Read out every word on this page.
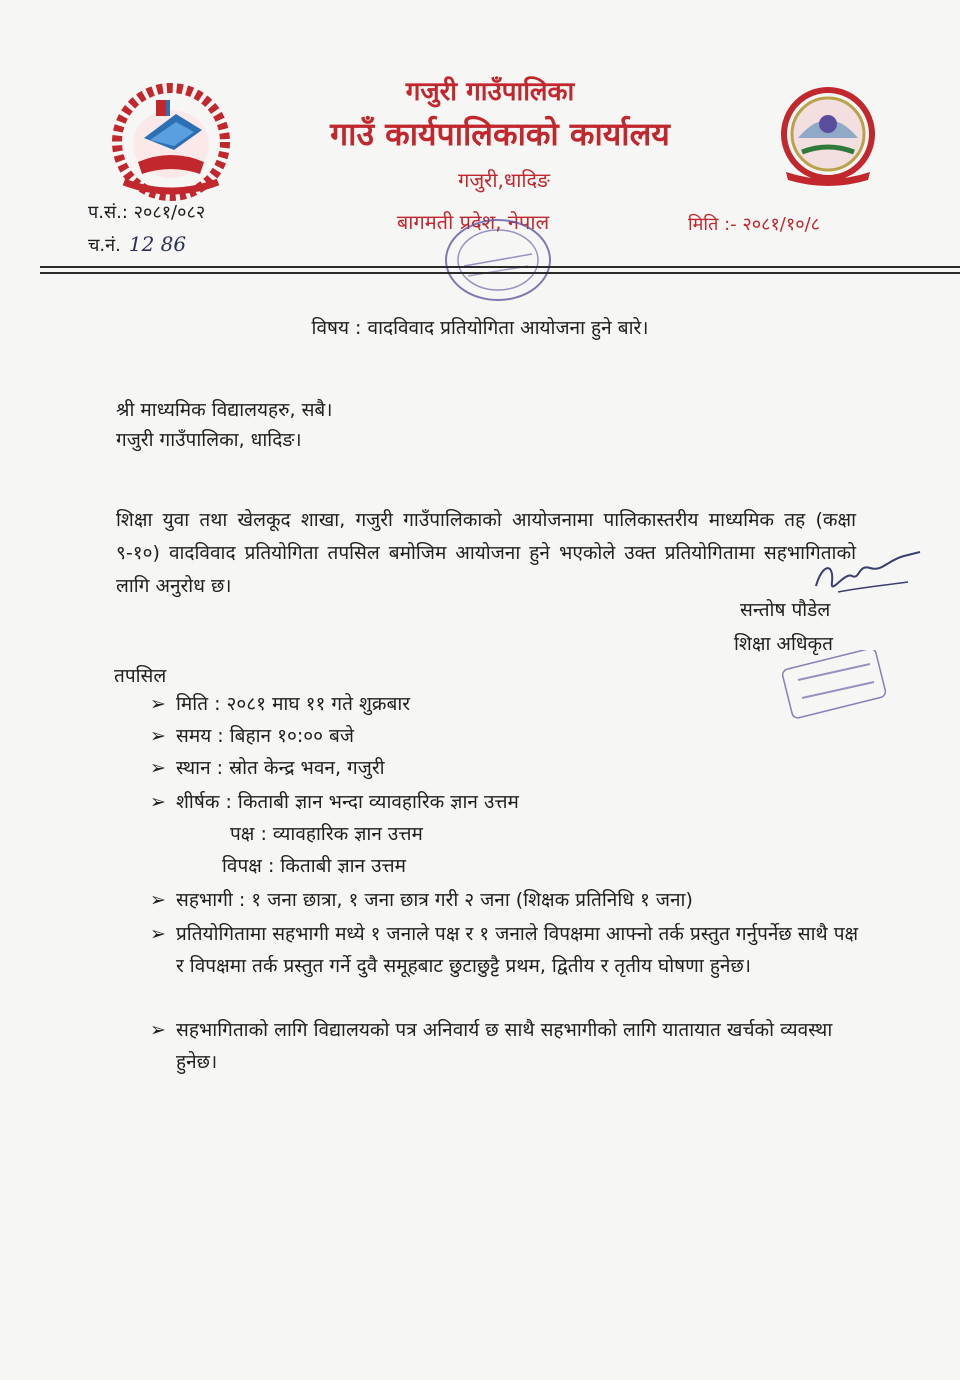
गजुरी गाउँपालिका
गाउँ कार्यपालिकाको कार्यालय
गजुरी,धादिङ
बागमती प्रदेश, नेपाल
प.सं.: २०८१/०८२
च.नं. 12 86
मिति :- २०८१/१०/८
विषय : वादविवाद प्रतियोगिता आयोजना हुने बारे।
श्री माध्यमिक विद्यालयहरु, सबै।
गजुरी गाउँपालिका, धादिङ।
शिक्षा युवा तथा खेलकूद शाखा, गजुरी गाउँपालिकाको आयोजनामा पालिकास्तरीय माध्यमिक तह (कक्षा ९-१०) वादविवाद प्रतियोगिता तपसिल बमोजिम आयोजना हुने भएकोले उक्त प्रतियोगितामा सहभागिताको लागि अनुरोध छ।
सन्तोष पौडेल
शिक्षा अधिकृत
तपसिल
➢ मिति : २०८१ माघ ११ गते शुक्रबार
➢ समय : बिहान १०:०० बजे
➢ स्थान : स्रोत केन्द्र भवन, गजुरी
➢ शीर्षक : किताबी ज्ञान भन्दा व्यावहारिक ज्ञान उत्तम
पक्ष : व्यावहारिक ज्ञान उत्तम
विपक्ष : किताबी ज्ञान उत्तम
➢ सहभागी : १ जना छात्रा, १ जना छात्र गरी २ जना (शिक्षक प्रतिनिधि १ जना)
➢ प्रतियोगितामा सहभागी मध्ये १ जनाले पक्ष र १ जनाले विपक्षमा आफ्नो तर्क प्रस्तुत गर्नुपर्नेछ साथै पक्ष र विपक्षमा तर्क प्रस्तुत गर्ने दुवै समूहबाट छुटाछुट्टै प्रथम, द्वितीय र तृतीय घोषणा हुनेछ।
➢ सहभागिताको लागि विद्यालयको पत्र अनिवार्य छ साथै सहभागीको लागि यातायात खर्चको व्यवस्था हुनेछ।
